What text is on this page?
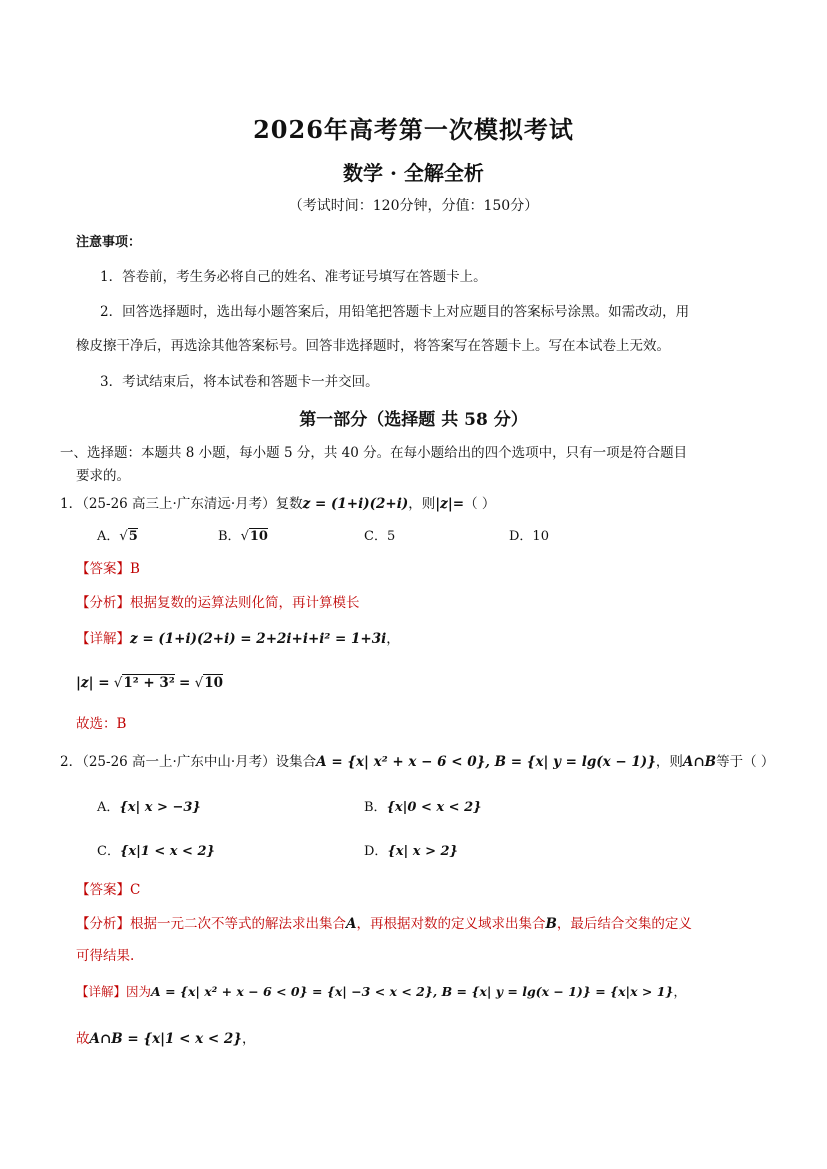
2026年高考第一次模拟考试
数学 · 全解全析
（考试时间：120分钟，分值：150分）
注意事项：
1．答卷前，考生务必将自己的姓名、准考证号填写在答题卡上。
2．回答选择题时，选出每小题答案后，用铅笔把答题卡上对应题目的答案标号涂黑。如需改动，用
橡皮擦干净后，再选涂其他答案标号。回答非选择题时，将答案写在答题卡上。写在本试卷上无效。
3．考试结束后，将本试卷和答题卡一并交回。
第一部分（选择题 共 58 分）
一、选择题：本题共 8 小题，每小题 5 分，共 40 分。在每小题给出的四个选项中，只有一项是符合题目
要求的。
1．（25-26 高三上·广东清远·月考）复数z = (1+i)(2+i)，则|z|=（ ）
A．√5	B．√10	C．5	D．10
【答案】B
【分析】根据复数的运算法则化简，再计算模长
【详解】z = (1+i)(2+i) = 2+2i+i+i² = 1+3i，
|z| = √1² + 3² = √10
故选：B
2．（25-26 高一上·广东中山·月考）设集合A = {x| x² + x − 6 < 0}, B = {x| y = lg(x − 1)}，则A∩B等于（ ）
A．{x| x > −3}	B．{x|0 < x < 2}
C．{x|1 < x < 2}	D．{x| x > 2}
【答案】C
【分析】根据一元二次不等式的解法求出集合A，再根据对数的定义域求出集合B，最后结合交集的定义
可得结果.
【详解】因为A = {x| x² + x − 6 < 0} = {x| −3 < x < 2}, B = {x| y = lg(x − 1)} = {x|x > 1}，
故A∩B = {x|1 < x < 2}，
